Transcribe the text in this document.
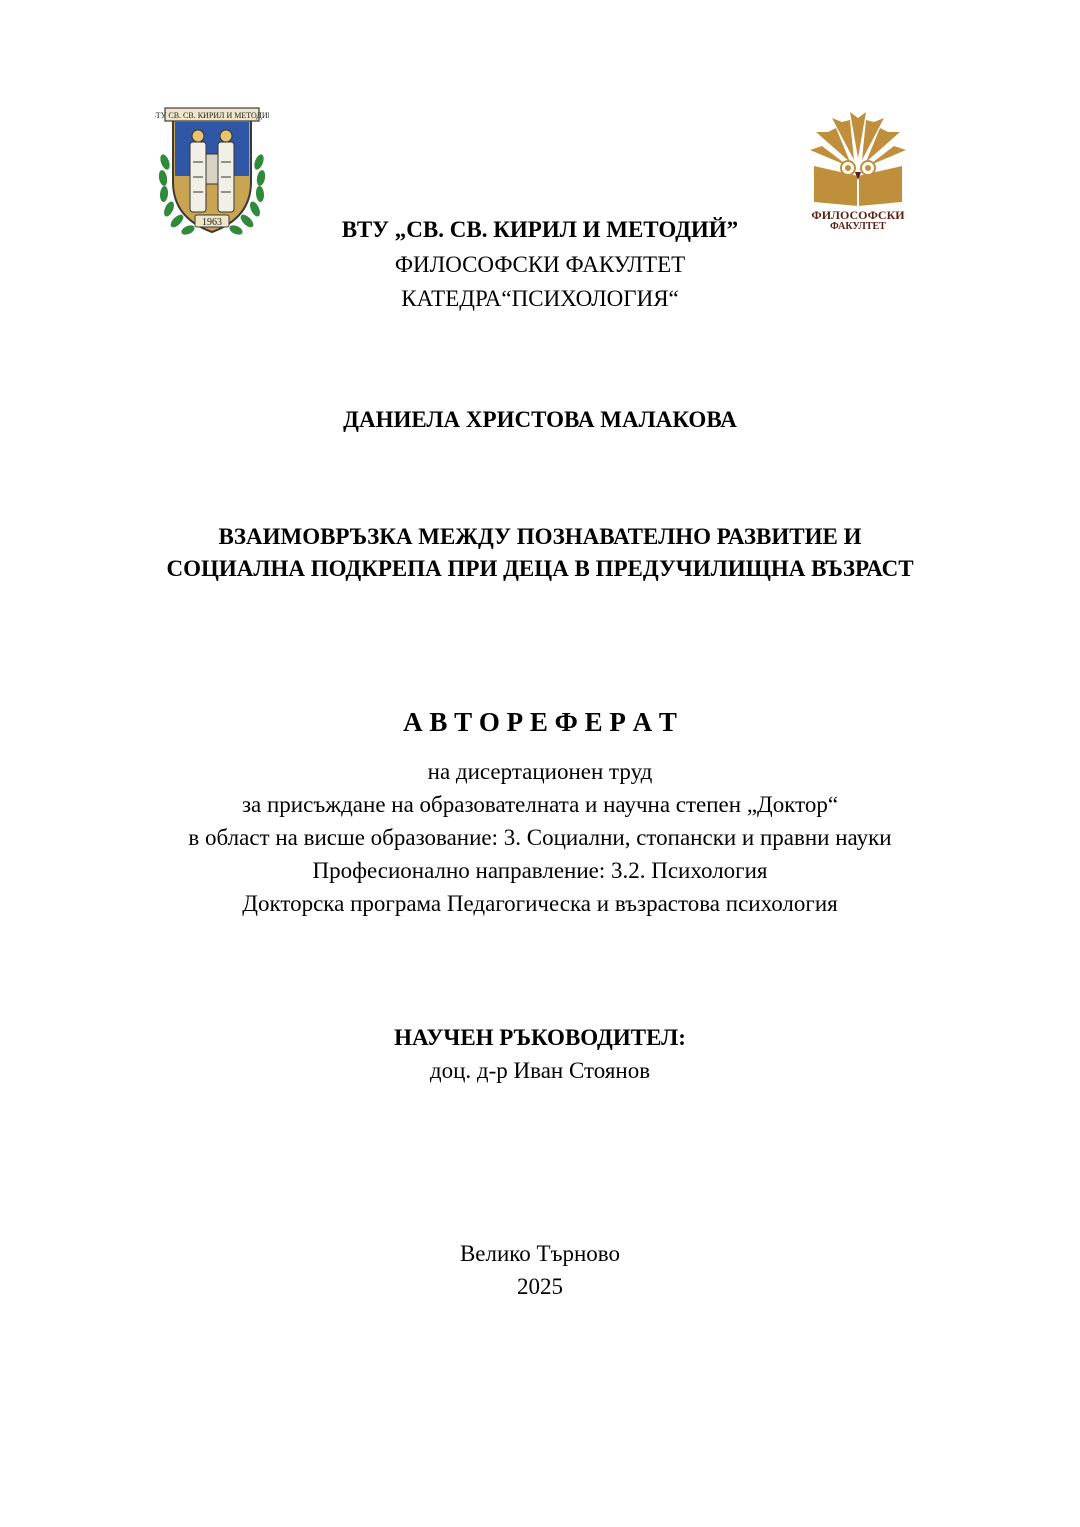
ВТУ СВ. СВ. КИРИЛ И МЕТОДИЙ
1963
ФИЛОСОФСКИ
ФАКУЛТЕТ
ВТУ „СВ. СВ. КИРИЛ И МЕТОДИЙ”
ФИЛОСОФСКИ ФАКУЛТЕТ
КАТЕДРА“ПСИХОЛОГИЯ“
ДАНИЕЛА ХРИСТОВА МАЛАКОВА
ВЗАИМОВРЪЗКА МЕЖДУ ПОЗНАВАТЕЛНО РАЗВИТИЕ И
СОЦИАЛНА ПОДКРЕПА ПРИ ДЕЦА В ПРЕДУЧИЛИЩНА ВЪЗРАСТ
А В Т О Р Е Ф Е Р А Т
на дисертационен труд
за присъждане на образователната и научна степен „Доктор“
в област на висше образование: 3. Социални, стопански и правни науки
Професионално направление: 3.2. Психология
Докторска програма Педагогическа и възрастова психология
НАУЧЕН РЪКОВОДИТЕЛ:
доц. д-р Иван Стоянов
Велико Търново
2025
